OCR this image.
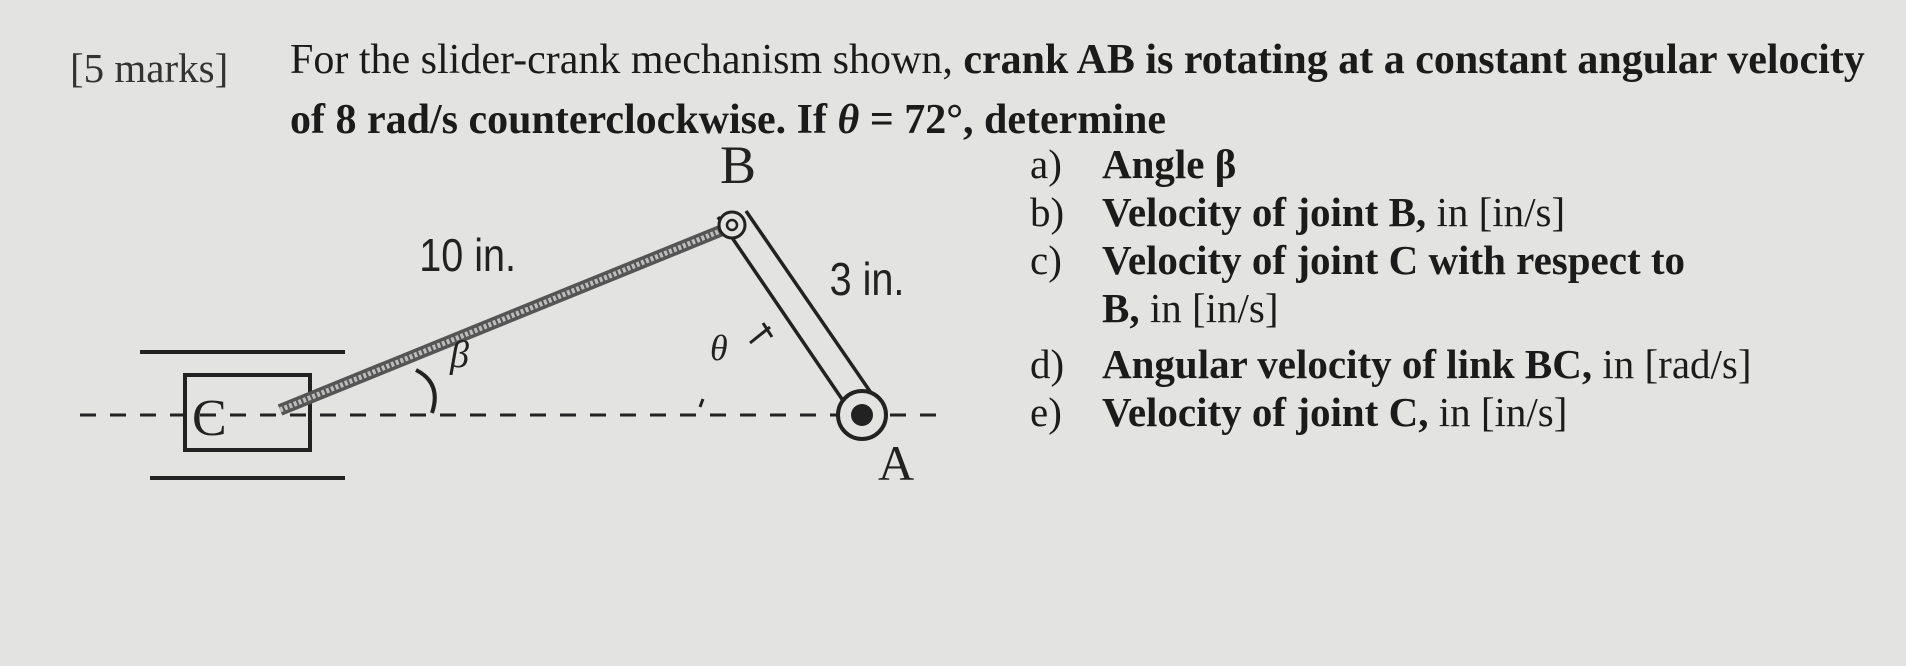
[5 marks] For the slider-crank mechanism shown, crank AB is rotating at a constant angular velocity of 8 rad/s counterclockwise. If θ = 72°, determine
C
B
A
10 in.	3 in.
β	θ
a) Angle β
b) Velocity of joint B, in [in/s]
c) Velocity of joint C with respect to
B, in [in/s]
d) Angular velocity of link BC, in [rad/s]
e) Velocity of joint C, in [in/s]
